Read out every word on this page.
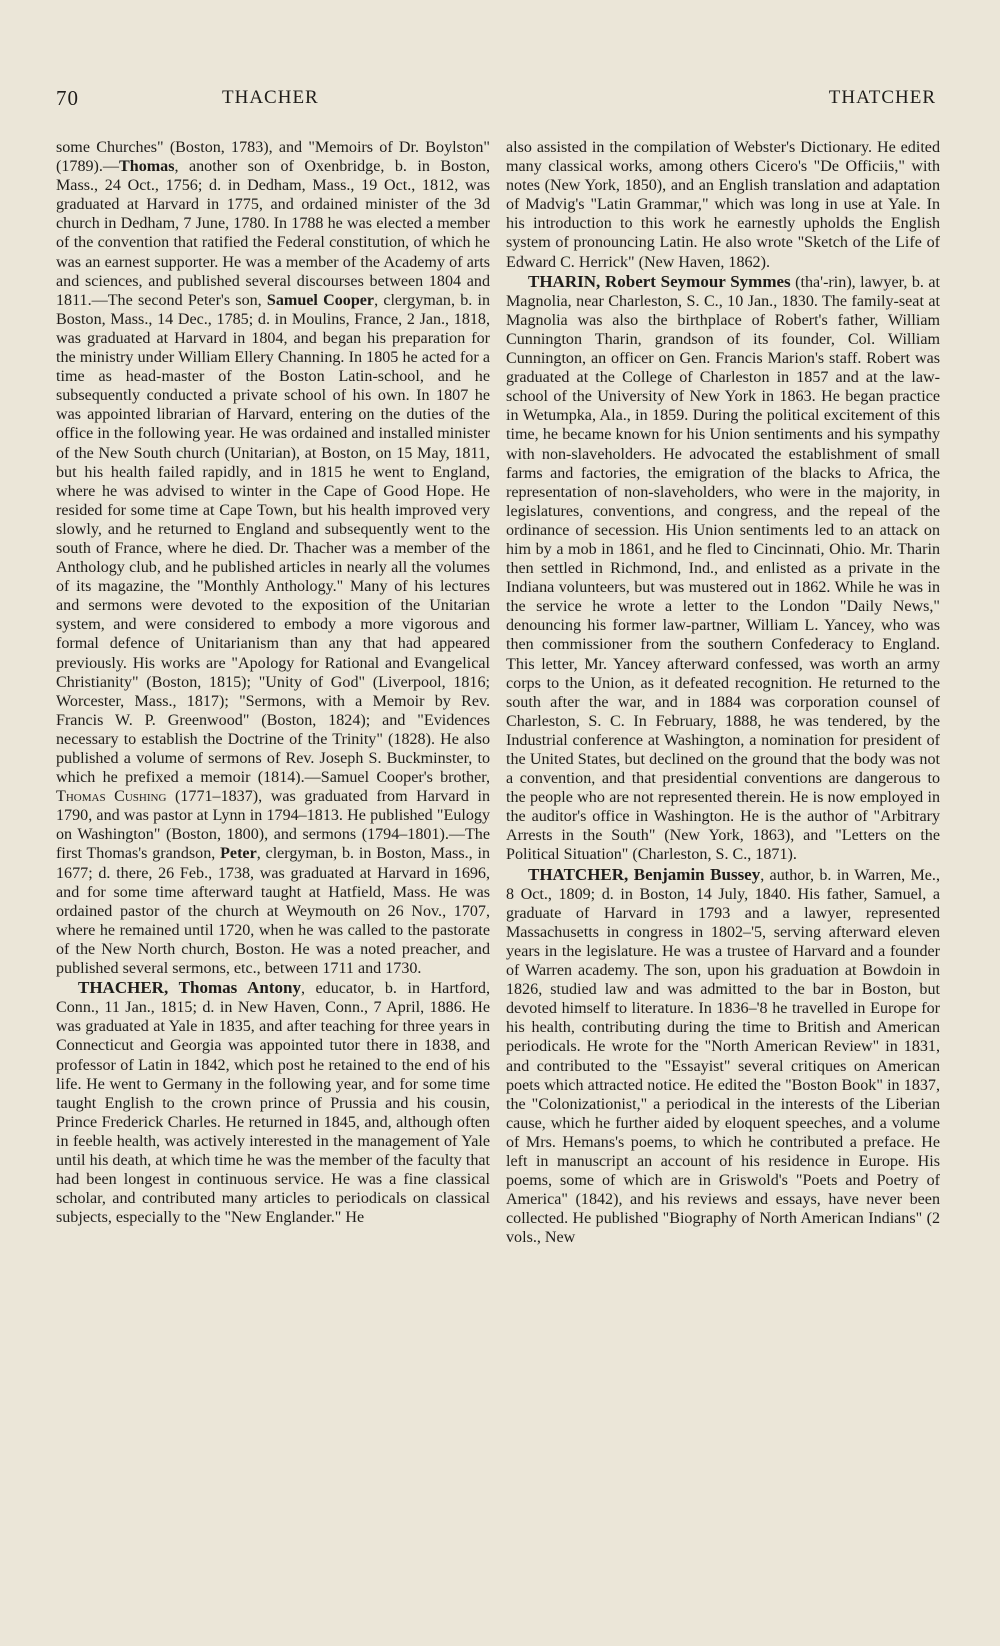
70	THACHER	THATCHER

some Churches" (Boston, 1783), and "Memoirs of Dr. Boylston" (1789).—Thomas, another son of Oxenbridge, b. in Boston, Mass., 24 Oct., 1756; d. in Dedham, Mass., 19 Oct., 1812, was graduated at Harvard in 1775, and ordained minister of the 3d church in Dedham, 7 June, 1780. In 1788 he was elected a member of the convention that ratified the Federal constitution, of which he was an earnest supporter. He was a member of the Academy of arts and sciences, and published several discourses between 1804 and 1811.—The second Peter's son, Samuel Cooper, clergyman, b. in Boston, Mass., 14 Dec., 1785; d. in Moulins, France, 2 Jan., 1818, was graduated at Harvard in 1804, and began his preparation for the ministry under William Ellery Channing. In 1805 he acted for a time as head-master of the Boston Latin-school, and he subsequently conducted a private school of his own. In 1807 he was appointed librarian of Harvard, entering on the duties of the office in the following year. He was ordained and installed minister of the New South church (Unitarian), at Boston, on 15 May, 1811, but his health failed rapidly, and in 1815 he went to England, where he was advised to winter in the Cape of Good Hope. He resided for some time at Cape Town, but his health improved very slowly, and he returned to England and subsequently went to the south of France, where he died. Dr. Thacher was a member of the Anthology club, and he published articles in nearly all the volumes of its magazine, the "Monthly Anthology." Many of his lectures and sermons were devoted to the exposition of the Unitarian system, and were considered to embody a more vigorous and formal defence of Unitarianism than any that had appeared previously. His works are "Apology for Rational and Evangelical Christianity" (Boston, 1815); "Unity of God" (Liverpool, 1816; Worcester, Mass., 1817); "Sermons, with a Memoir by Rev. Francis W. P. Greenwood" (Boston, 1824); and "Evidences necessary to establish the Doctrine of the Trinity" (1828). He also published a volume of sermons of Rev. Joseph S. Buckminster, to which he prefixed a memoir (1814).—Samuel Cooper's brother, Thomas Cushing (1771–1837), was graduated from Harvard in 1790, and was pastor at Lynn in 1794–1813. He published "Eulogy on Washington" (Boston, 1800), and sermons (1794–1801).—The first Thomas's grandson, Peter, clergyman, b. in Boston, Mass., in 1677; d. there, 26 Feb., 1738, was graduated at Harvard in 1696, and for some time afterward taught at Hatfield, Mass. He was ordained pastor of the church at Weymouth on 26 Nov., 1707, where he remained until 1720, when he was called to the pastorate of the New North church, Boston. He was a noted preacher, and published several sermons, etc., between 1711 and 1730.

THACHER, Thomas Antony, educator, b. in Hartford, Conn., 11 Jan., 1815; d. in New Haven, Conn., 7 April, 1886. He was graduated at Yale in 1835, and after teaching for three years in Connecticut and Georgia was appointed tutor there in 1838, and professor of Latin in 1842, which post he retained to the end of his life. He went to Germany in the following year, and for some time taught English to the crown prince of Prussia and his cousin, Prince Frederick Charles. He returned in 1845, and, although often in feeble health, was actively interested in the management of Yale until his death, at which time he was the member of the faculty that had been longest in continuous service. He was a fine classical scholar, and contributed many articles to periodicals on classical subjects, especially to the "New Englander." He

also assisted in the compilation of Webster's Dictionary. He edited many classical works, among others Cicero's "De Officiis," with notes (New York, 1850), and an English translation and adaptation of Madvig's "Latin Grammar," which was long in use at Yale. In his introduction to this work he earnestly upholds the English system of pronouncing Latin. He also wrote "Sketch of the Life of Edward C. Herrick" (New Haven, 1862).

THARIN, Robert Seymour Symmes (tha'-rin), lawyer, b. at Magnolia, near Charleston, S. C., 10 Jan., 1830. The family-seat at Magnolia was also the birthplace of Robert's father, William Cunnington Tharin, grandson of its founder, Col. William Cunnington, an officer on Gen. Francis Marion's staff. Robert was graduated at the College of Charleston in 1857 and at the law-school of the University of New York in 1863. He began practice in Wetumpka, Ala., in 1859. During the political excitement of this time, he became known for his Union sentiments and his sympathy with non-slaveholders. He advocated the establishment of small farms and factories, the emigration of the blacks to Africa, the representation of non-slaveholders, who were in the majority, in legislatures, conventions, and congress, and the repeal of the ordinance of secession. His Union sentiments led to an attack on him by a mob in 1861, and he fled to Cincinnati, Ohio. Mr. Tharin then settled in Richmond, Ind., and enlisted as a private in the Indiana volunteers, but was mustered out in 1862. While he was in the service he wrote a letter to the London "Daily News," denouncing his former law-partner, William L. Yancey, who was then commissioner from the southern Confederacy to England. This letter, Mr. Yancey afterward confessed, was worth an army corps to the Union, as it defeated recognition. He returned to the south after the war, and in 1884 was corporation counsel of Charleston, S. C. In February, 1888, he was tendered, by the Industrial conference at Washington, a nomination for president of the United States, but declined on the ground that the body was not a convention, and that presidential conventions are dangerous to the people who are not represented therein. He is now employed in the auditor's office in Washington. He is the author of "Arbitrary Arrests in the South" (New York, 1863), and "Letters on the Political Situation" (Charleston, S. C., 1871).

THATCHER, Benjamin Bussey, author, b. in Warren, Me., 8 Oct., 1809; d. in Boston, 14 July, 1840. His father, Samuel, a graduate of Harvard in 1793 and a lawyer, represented Massachusetts in congress in 1802–'5, serving afterward eleven years in the legislature. He was a trustee of Harvard and a founder of Warren academy. The son, upon his graduation at Bowdoin in 1826, studied law and was admitted to the bar in Boston, but devoted himself to literature. In 1836–'8 he travelled in Europe for his health, contributing during the time to British and American periodicals. He wrote for the "North American Review" in 1831, and contributed to the "Essayist" several critiques on American poets which attracted notice. He edited the "Boston Book" in 1837, the "Colonizationist," a periodical in the interests of the Liberian cause, which he further aided by eloquent speeches, and a volume of Mrs. Hemans's poems, to which he contributed a preface. He left in manuscript an account of his residence in Europe. His poems, some of which are in Griswold's "Poets and Poetry of America" (1842), and his reviews and essays, have never been collected. He published "Biography of North American Indians" (2 vols., New
